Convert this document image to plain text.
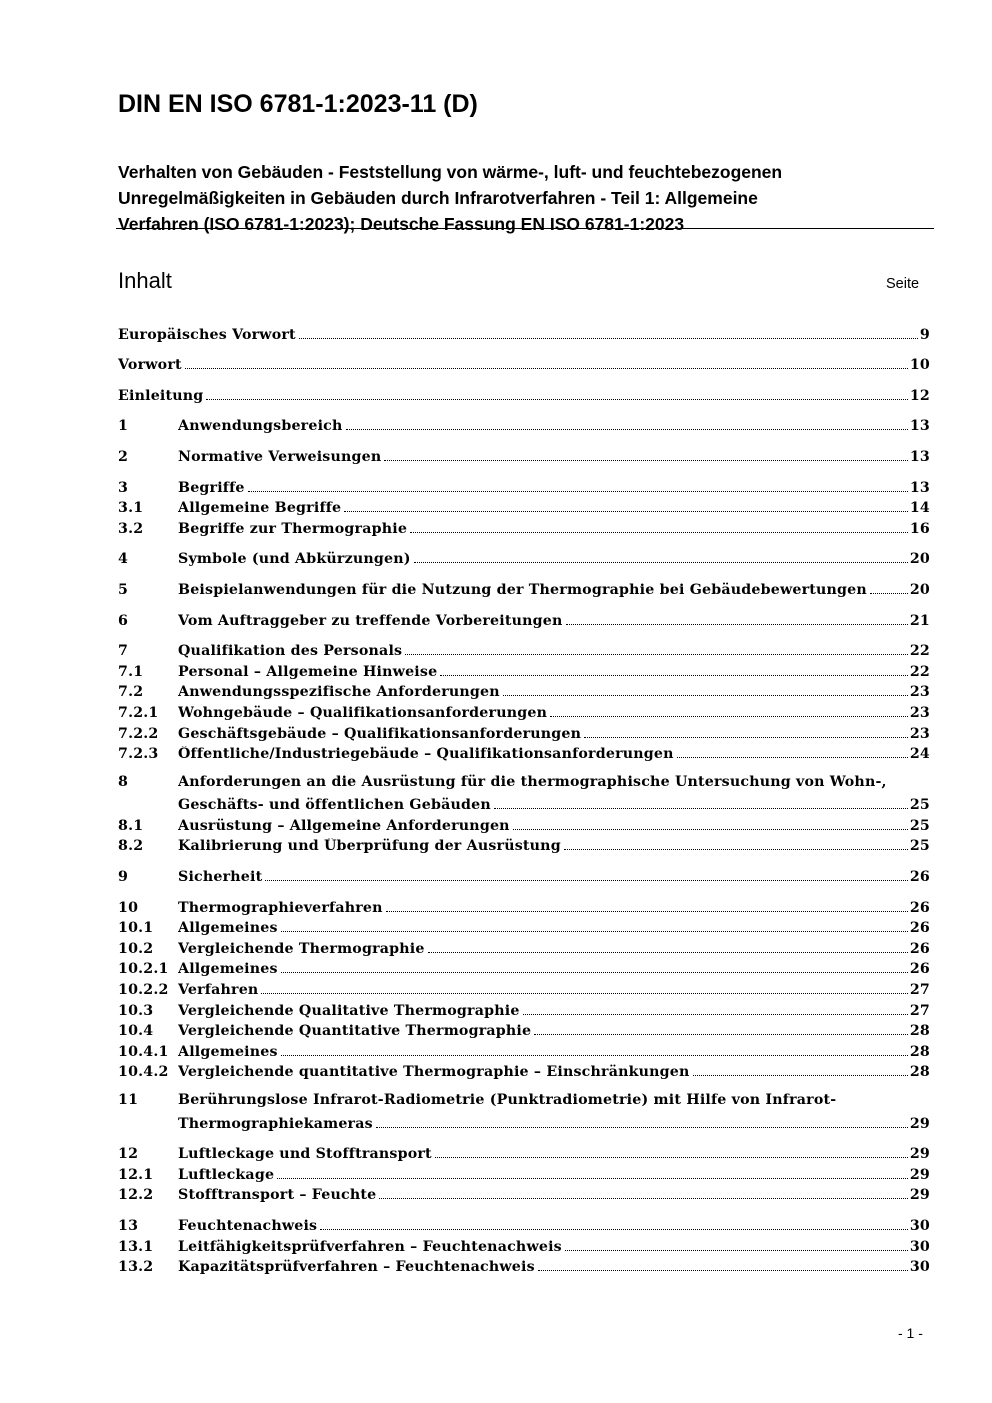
DIN EN ISO 6781-1:2023-11 (D)
Verhalten von Gebäuden - Feststellung von wärme-, luft- und feuchtebezogenen
Unregelmäßigkeiten in Gebäuden durch Infrarotverfahren - Teil 1: Allgemeine
Verfahren (ISO 6781-1:2023); Deutsche Fassung EN ISO 6781-1:2023
Inhalt	Seite
Europäisches Vorwort	9
Vorwort	10
Einleitung	12
1	Anwendungsbereich	13
2	Normative Verweisungen	13
3	Begriffe	13
3.1	Allgemeine Begriffe	14
3.2	Begriffe zur Thermographie	16
4	Symbole (und Abkürzungen)	20
5	Beispielanwendungen für die Nutzung der Thermographie bei Gebäudebewertungen	20
6	Vom Auftraggeber zu treffende Vorbereitungen	21
7	Qualifikation des Personals	22
7.1	Personal – Allgemeine Hinweise	22
7.2	Anwendungsspezifische Anforderungen	23
7.2.1	Wohngebäude – Qualifikationsanforderungen	23
7.2.2	Geschäftsgebäude – Qualifikationsanforderungen	23
7.2.3	Öffentliche/Industriegebäude – Qualifikationsanforderungen	24
8	Anforderungen an die Ausrüstung für die thermographische Untersuchung von Wohn-,
Geschäfts- und öffentlichen Gebäuden	25
8.1	Ausrüstung – Allgemeine Anforderungen	25
8.2	Kalibrierung und Überprüfung der Ausrüstung	25
9	Sicherheit	26
10	Thermographieverfahren	26
10.1	Allgemeines	26
10.2	Vergleichende Thermographie	26
10.2.1 Allgemeines	26
10.2.2 Verfahren	27
10.3	Vergleichende Qualitative Thermographie	27
10.4	Vergleichende Quantitative Thermographie	28
10.4.1 Allgemeines	28
10.4.2 Vergleichende quantitative Thermographie – Einschränkungen	28
11	Berührungslose Infrarot-Radiometrie (Punktradiometrie) mit Hilfe von Infrarot-
Thermographiekameras	29
12	Luftleckage und Stofftransport	29
12.1	Luftleckage	29
12.2	Stofftransport – Feuchte	29
13	Feuchtenachweis	30
13.1	Leitfähigkeitsprüfverfahren – Feuchtenachweis	30
13.2	Kapazitätsprüfverfahren – Feuchtenachweis	30
- 1 -
